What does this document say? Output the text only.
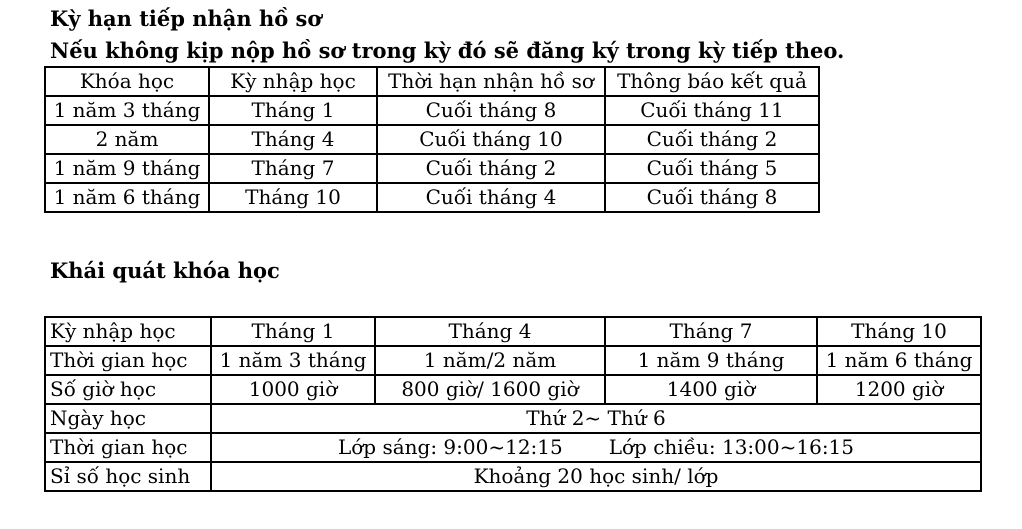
Kỳ hạn tiếp nhận hồ sơ
Nếu không kịp nộp hồ sơ trong kỳ đó sẽ đăng ký trong kỳ tiếp theo.
Khóa học	Kỳ nhập học	Thời hạn nhận hồ sơ	Thông báo kết quả
1 năm 3 tháng	Tháng 1	Cuối tháng 8	Cuối tháng 11
2 năm	Tháng 4	Cuối tháng 10	Cuối tháng 2
1 năm 9 tháng	Tháng 7	Cuối tháng 2	Cuối tháng 5
1 năm 6 tháng	Tháng 10	Cuối tháng 4	Cuối tháng 8
Khái quát khóa học
Kỳ nhập học	Tháng 1	Tháng 4	Tháng 7	Tháng 10
Thời gian học	1 năm 3 tháng	1 năm/2 năm	1 năm 9 tháng	1 năm 6 tháng
Số giờ học	1000 giờ	800 giờ/ 1600 giờ	1400 giờ	1200 giờ
Ngày học	Thứ 2~ Thứ 6			
Thời gian học	Lớp sáng: 9:00~12:15 Lớp chiều: 13:00~16:15			
Sỉ số học sinh	Khoảng 20 học sinh/ lớp			
